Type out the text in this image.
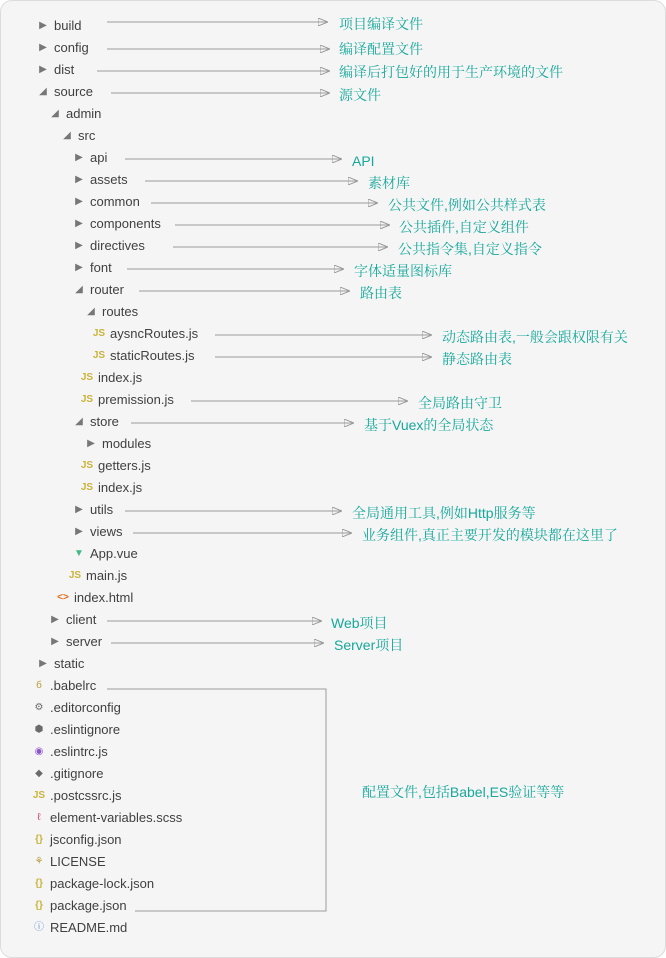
▶ build
▶ config
▶ dist
◢ source
◢ admin
◢ src
▶ api
▶ assets
▶ common
▶ components
▶ directives
▶ font
◢ router
◢ routes
JS aysncRoutes.js
JS staticRoutes.js
JS index.js
JS premission.js
◢ store
▶ modules
JS getters.js
JS index.js
▶ utils
▶ views
▼ App.vue
JS main.js
<> index.html
▶ client
▶ server
▶ static
б .babelrc
⚙ .editorconfig
⬢ .eslintignore
◉ .eslintrc.js
◆ .gitignore
JS .postcssrc.js
ℓ element-variables.scss
{} jsconfig.json
⚘ LICENSE
{} package-lock.json
{} package.json
ⓘ README.md
项目编译文件
编译配置文件
编译后打包好的用于生产环境的文件
源文件
API
素材库
公共文件,例如公共样式表
公共插件,自定义组件
公共指令集,自定义指令
字体适量图标库
路由表
动态路由表,一般会跟权限有关
静态路由表
全局路由守卫
基于Vuex的全局状态
全局通用工具,例如Http服务等
业务组件,真正主要开发的模块都在这里了
Web项目
Server项目
配置文件,包括Babel,ES验证等等
